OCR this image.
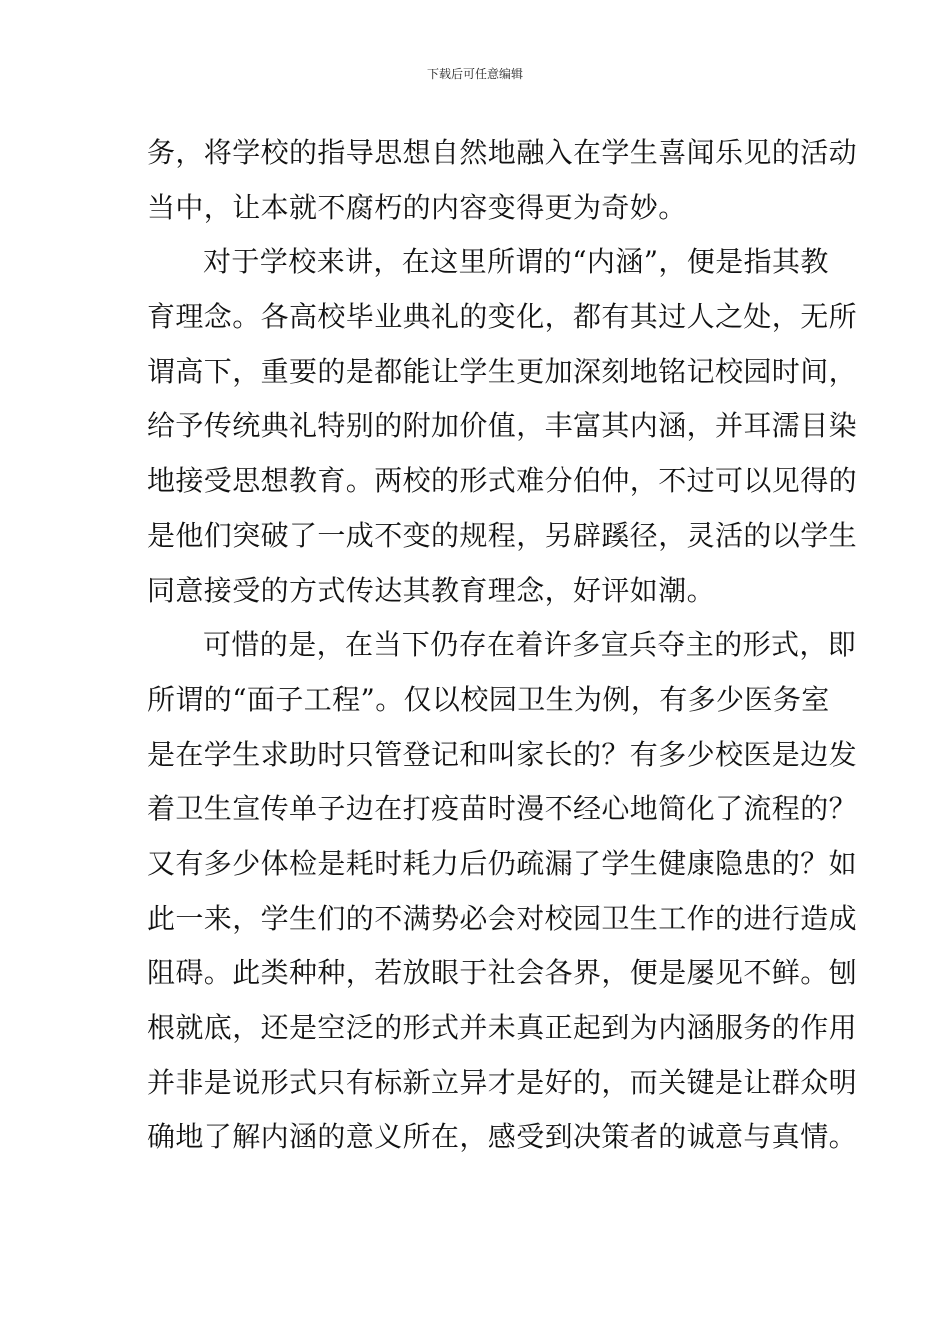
下载后可任意编辑
务，将学校的指导思想自然地融入在学生喜闻乐见的活动
当中，让本就不腐朽的内容变得更为奇妙。
对于学校来讲，在这里所谓的“内涵”，便是指其教
育理念。各高校毕业典礼的变化，都有其过人之处，无所
谓高下，重要的是都能让学生更加深刻地铭记校园时间，
给予传统典礼特别的附加价值，丰富其内涵，并耳濡目染
地接受思想教育。两校的形式难分伯仲，不过可以见得的
是他们突破了一成不变的规程，另辟蹊径，灵活的以学生
同意接受的方式传达其教育理念，好评如潮。
可惜的是，在当下仍存在着许多宣兵夺主的形式，即
所谓的“面子工程”。仅以校园卫生为例，有多少医务室
是在学生求助时只管登记和叫家长的？有多少校医是边发
着卫生宣传单子边在打疫苗时漫不经心地简化了流程的？
又有多少体检是耗时耗力后仍疏漏了学生健康隐患的？如
此一来，学生们的不满势必会对校园卫生工作的进行造成
阻碍。此类种种，若放眼于社会各界，便是屡见不鲜。刨
根就底，还是空泛的形式并未真正起到为内涵服务的作用
并非是说形式只有标新立异才是好的，而关键是让群众明
确地了解内涵的意义所在，感受到决策者的诚意与真情。
